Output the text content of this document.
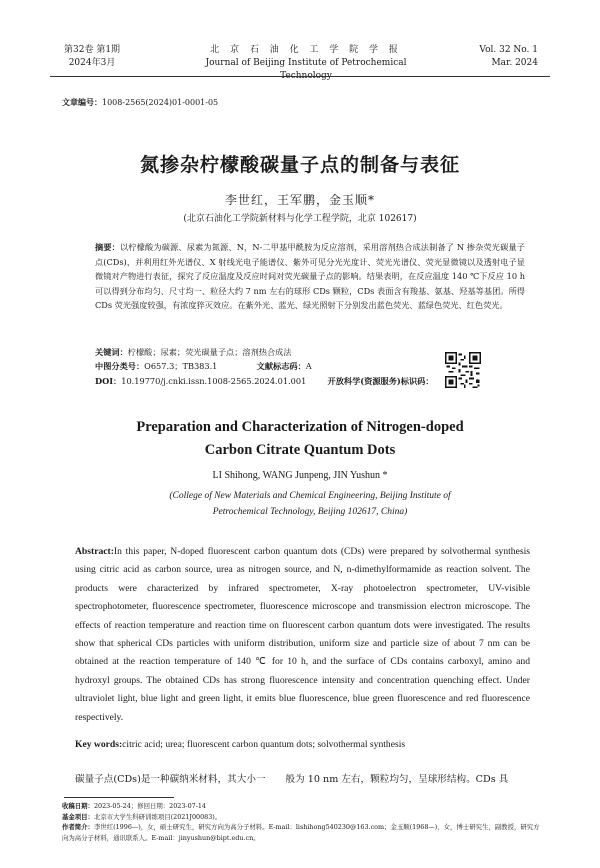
第32卷 第1期
2024年3月
北 京 石 油 化 工 学 院 学 报
Journal of Beijing Institute of Petrochemical Technology
Vol. 32 No. 1
Mar. 2024
文章编号：1008-2565(2024)01-0001-05
氮掺杂柠檬酸碳量子点的制备与表征
李世红，王军鹏，金玉顺*
(北京石油化工学院新材料与化学工程学院，北京 102617)
摘要：以柠檬酸为碳源、尿素为氮源、N，N-二甲基甲酰胺为反应溶剂，采用溶剂热合成法制备了 N 掺杂荧光碳量子点(CDs)，并利用红外光谱仪、X 射线光电子能谱仪、紫外可见分光光度计、荧光光谱仪、荧光显微镜以及透射电子显微镜对产物进行表征，探究了反应温度及反应时间对荧光碳量子点的影响。结果表明，在反应温度 140 ℃下反应 10 h 可以得到分布均匀、尺寸均一、粒径大约 7 nm 左右的球形 CDs 颗粒，CDs 表面含有羧基、氨基、羟基等基团。所得 CDs 荧光强度较强，有浓度猝灭效应。在紫外光、蓝光、绿光照射下分别发出蓝色荧光、蓝绿色荧光、红色荧光。
关键词：柠檬酸；尿素；荧光碳量子点；溶剂热合成法
中图分类号：O657.3；TB383.1	文献标志码：A
DOI：10.19770/j.cnki.issn.1008-2565.2024.01.001	开放科学(资源服务)标识码：
Preparation and Characterization of Nitrogen-doped
Carbon Citrate Quantum Dots
LI Shihong, WANG Junpeng, JIN Yushun *
(College of New Materials and Chemical Engineering, Beijing Institute of
Petrochemical Technology, Beijing 102617, China)
Abstract:In this paper, N-doped fluorescent carbon quantum dots (CDs) were prepared by solvothermal synthesis using citric acid as carbon source, urea as nitrogen source, and N, n-dimethylformamide as reaction solvent. The products were characterized by infrared spectrometer, X-ray photoelectron spectrometer, UV-visible spectrophotometer, fluorescence spectrometer, fluorescence microscope and transmission electron microscope. The effects of reaction temperature and reaction time on fluorescent carbon quantum dots were investigated. The results show that spherical CDs particles with uniform distribution, uniform size and particle size of about 7 nm can be obtained at the reaction temperature of 140 ℃ for 10 h, and the surface of CDs contains carboxyl, amino and hydroxyl groups. The obtained CDs has strong fluorescence intensity and concentration quenching effect. Under ultraviolet light, blue light and green light, it emits blue fluorescence, blue green fluorescence and red fluorescence respectively.
Key words:citric acid; urea; fluorescent carbon quantum dots; solvothermal synthesis
碳量子点(CDs)是一种碳纳米材料，其大小一 般为 10 nm 左右，颗粒均匀，呈球形结构。CDs 具
收稿日期：2023-05-24；修回日期：2023-07-14
基金项目：北京市大学生科研训练项目(2021J00083)。
作者简介：李世红(1996—)，女，硕士研究生，研究方向为高分子材料。E-mail：lishihong540230@163.com；金玉顺(1968—)，女，博士研究生，副教授，研究方向为高分子材料，通讯联系人。E-mail：jinyushun@bipt.edu.cn。
